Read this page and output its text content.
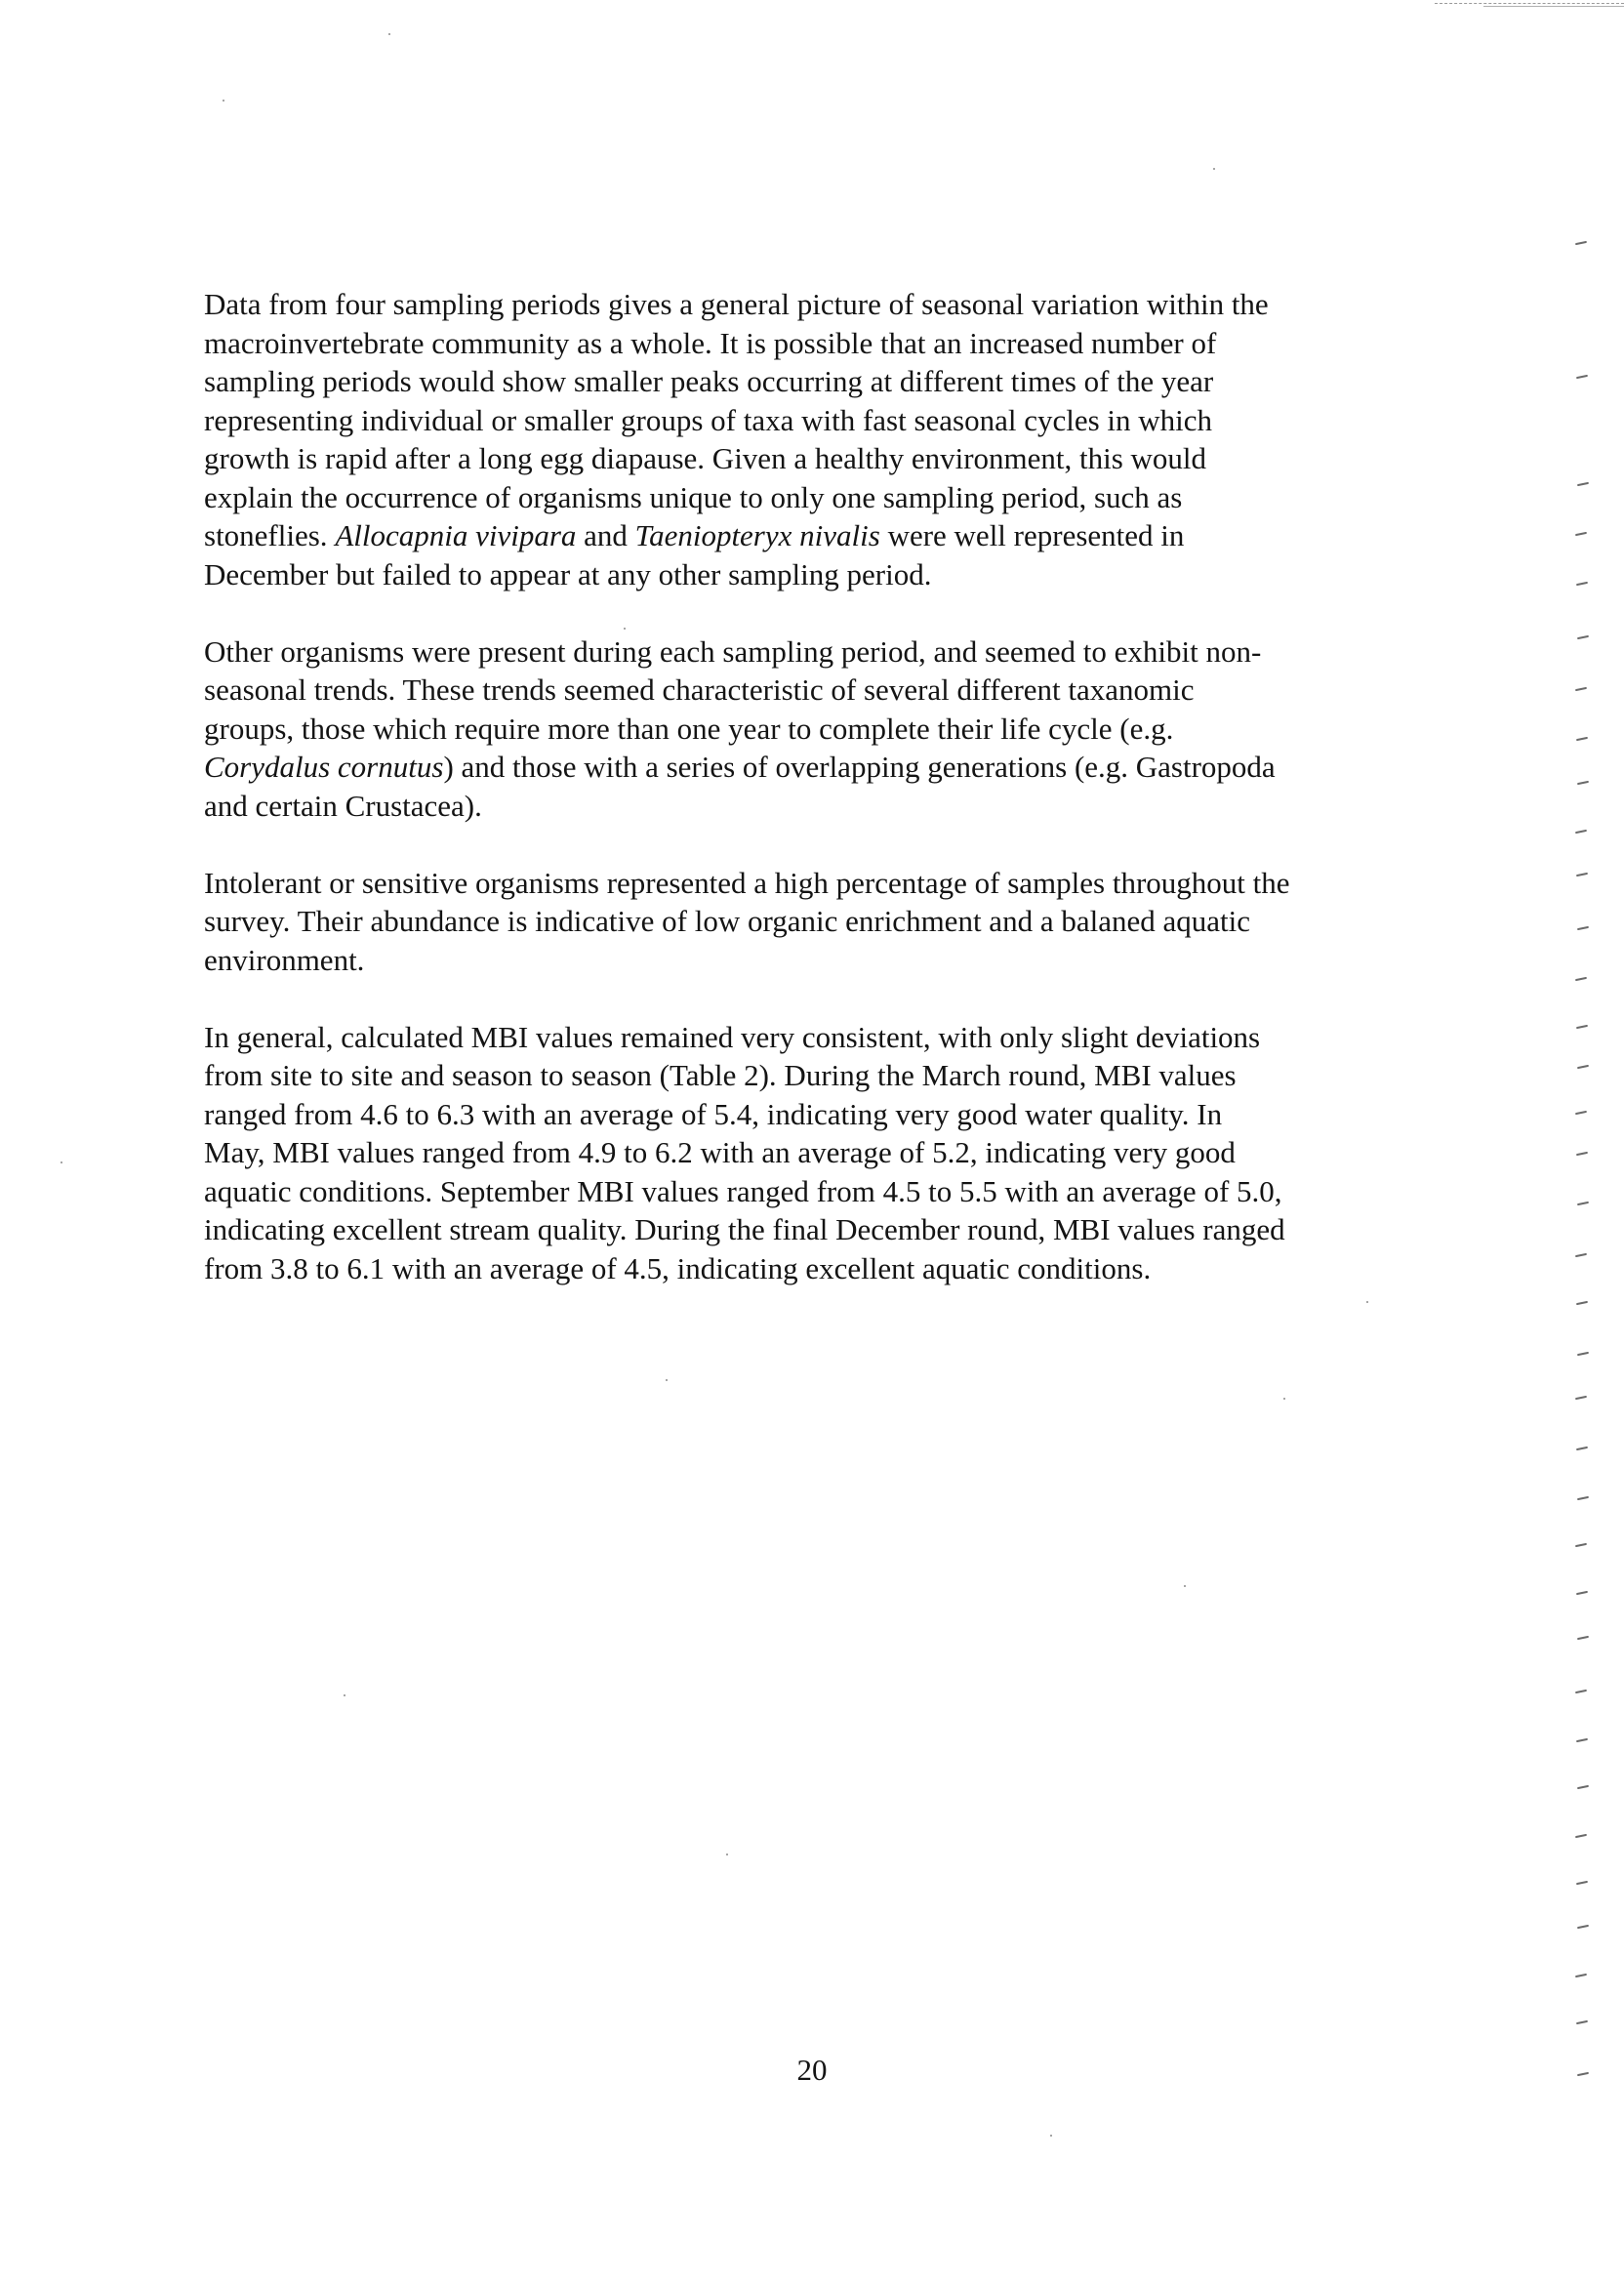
Data from four sampling periods gives a general picture of seasonal variation within the
macroinvertebrate community as a whole. It is possible that an increased number of
sampling periods would show smaller peaks occurring at different times of the year
representing individual or smaller groups of taxa with fast seasonal cycles in which
growth is rapid after a long egg diapause. Given a healthy environment, this would
explain the occurrence of organisms unique to only one sampling period, such as
stoneflies. Allocapnia vivipara and Taeniopteryx nivalis were well represented in
December but failed to appear at any other sampling period.

Other organisms were present during each sampling period, and seemed to exhibit non-
seasonal trends. These trends seemed characteristic of several different taxanomic
groups, those which require more than one year to complete their life cycle (e.g.
Corydalus cornutus) and those with a series of overlapping generations (e.g. Gastropoda
and certain Crustacea).

Intolerant or sensitive organisms represented a high percentage of samples throughout the
survey. Their abundance is indicative of low organic enrichment and a balaned aquatic
environment.

In general, calculated MBI values remained very consistent, with only slight deviations
from site to site and season to season (Table 2). During the March round, MBI values
ranged from 4.6 to 6.3 with an average of 5.4, indicating very good water quality. In
May, MBI values ranged from 4.9 to 6.2 with an average of 5.2, indicating very good
aquatic conditions. September MBI values ranged from 4.5 to 5.5 with an average of 5.0,
indicating excellent stream quality. During the final December round, MBI values ranged
from 3.8 to 6.1 with an average of 4.5, indicating excellent aquatic conditions.

20
